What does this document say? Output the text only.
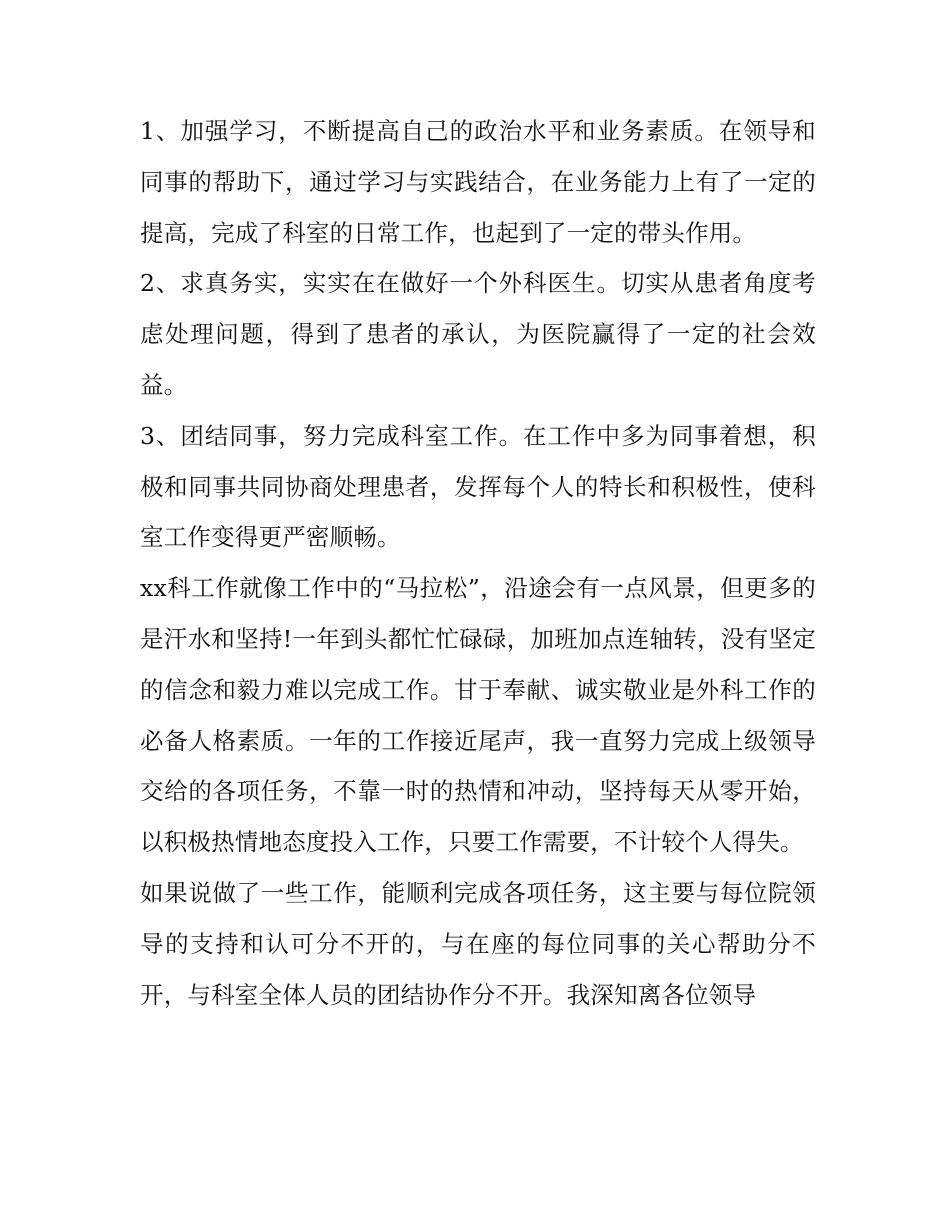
1、加强学习，不断提高自己的政治水平和业务素质。在领导和同事的帮助下，通过学习与实践结合，在业务能力上有了一定的提高，完成了科室的日常工作，也起到了一定的带头作用。

2、求真务实，实实在在做好一个外科医生。切实从患者角度考虑处理问题，得到了患者的承认，为医院赢得了一定的社会效益。

3、团结同事，努力完成科室工作。在工作中多为同事着想，积极和同事共同协商处理患者，发挥每个人的特长和积极性，使科室工作变得更严密顺畅。

xx科工作就像工作中的“马拉松”，沿途会有一点风景，但更多的是汗水和坚持!一年到头都忙忙碌碌，加班加点连轴转，没有坚定的信念和毅力难以完成工作。甘于奉献、诚实敬业是外科工作的必备人格素质。一年的工作接近尾声，我一直努力完成上级领导交给的各项任务，不靠一时的热情和冲动，坚持每天从零开始，以积极热情地态度投入工作，只要工作需要，不计较个人得失。

如果说做了一些工作，能顺利完成各项任务，这主要与每位院领导的支持和认可分不开的，与在座的每位同事的关心帮助分不开，与科室全体人员的团结协作分不开。我深知离各位领导
